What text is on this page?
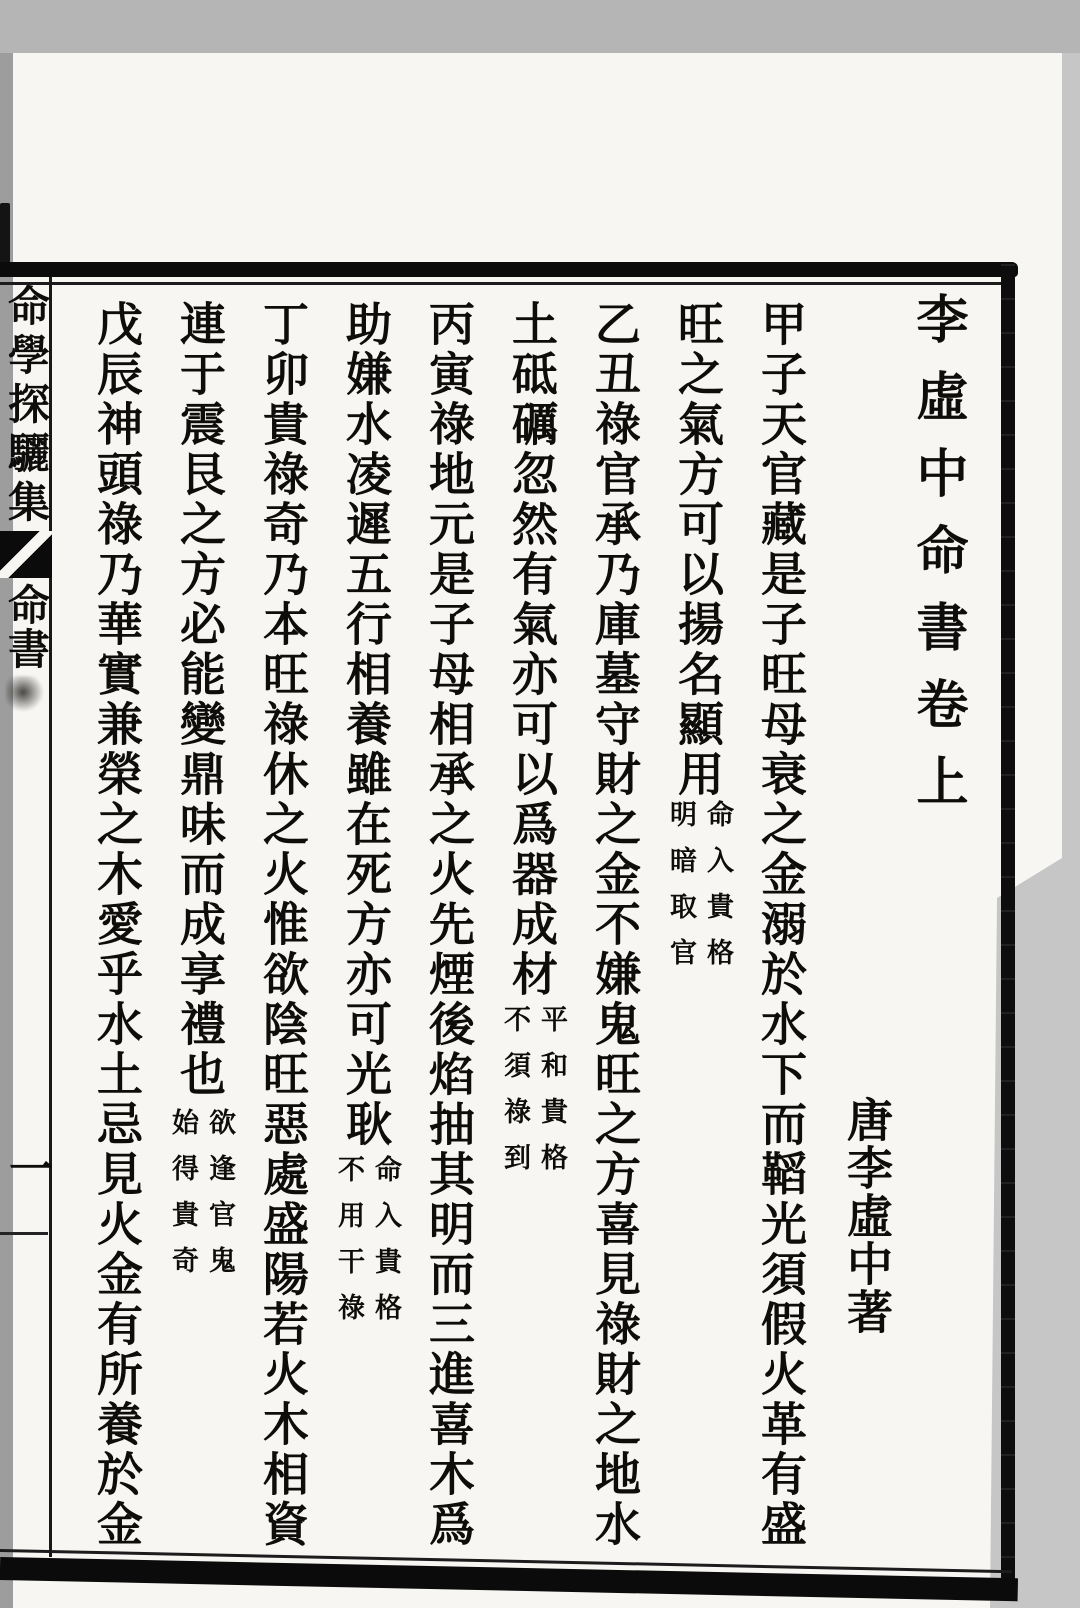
李虛中命書卷上
唐李虛中著
甲子天官藏是子旺母衰之金溺於水下而鞱光須假火革有盛
旺之氣方可以揚名顯用
命入貴格
明暗取官
乙丑祿官承乃庫墓守財之金不嫌鬼旺之方喜見祿財之地水
土砥礪忽然有氣亦可以爲器成材
平和貴格
不須祿到
丙寅祿地元是子母相承之火先煙後焰抽其明而三進喜木爲
助嫌水凌遲五行相養雖在死方亦可光耿
命入貴格
不用干祿
丁卯貴祿奇乃本旺祿休之火惟欲陰旺惡處盛陽若火木相資
連于震艮之方必能變鼎味而成享禮也
欲逢官鬼
始得貴奇
戊辰神頭祿乃華實兼榮之木愛乎水土忌見火金有所養於金
命學探驪集
命書
一
